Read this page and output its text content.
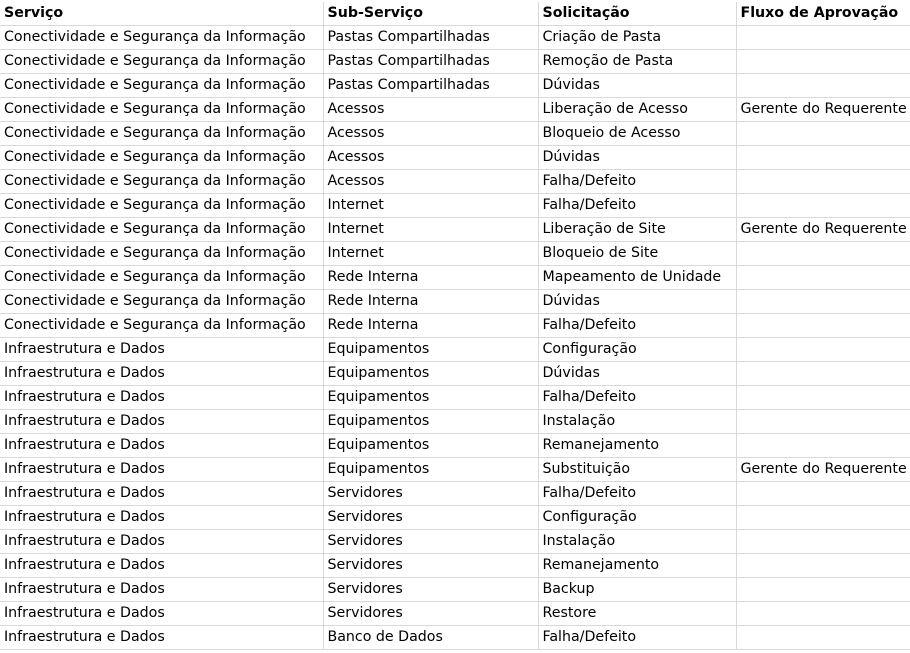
Serviço	Sub-Serviço	Solicitação	Fluxo de Aprovação
Conectividade e Segurança da Informação	Pastas Compartilhadas	Criação de Pasta	
Conectividade e Segurança da Informação	Pastas Compartilhadas	Remoção de Pasta	
Conectividade e Segurança da Informação	Pastas Compartilhadas	Dúvidas	
Conectividade e Segurança da Informação	Acessos	Liberação de Acesso	Gerente do Requerente
Conectividade e Segurança da Informação	Acessos	Bloqueio de Acesso	
Conectividade e Segurança da Informação	Acessos	Dúvidas	
Conectividade e Segurança da Informação	Acessos	Falha/Defeito	
Conectividade e Segurança da Informação	Internet	Falha/Defeito	
Conectividade e Segurança da Informação	Internet	Liberação de Site	Gerente do Requerente
Conectividade e Segurança da Informação	Internet	Bloqueio de Site	
Conectividade e Segurança da Informação	Rede Interna	Mapeamento de Unidade	
Conectividade e Segurança da Informação	Rede Interna	Dúvidas	
Conectividade e Segurança da Informação	Rede Interna	Falha/Defeito	
Infraestrutura e Dados	Equipamentos	Configuração	
Infraestrutura e Dados	Equipamentos	Dúvidas	
Infraestrutura e Dados	Equipamentos	Falha/Defeito	
Infraestrutura e Dados	Equipamentos	Instalação	
Infraestrutura e Dados	Equipamentos	Remanejamento	
Infraestrutura e Dados	Equipamentos	Substituição	Gerente do Requerente
Infraestrutura e Dados	Servidores	Falha/Defeito	
Infraestrutura e Dados	Servidores	Configuração	
Infraestrutura e Dados	Servidores	Instalação	
Infraestrutura e Dados	Servidores	Remanejamento	
Infraestrutura e Dados	Servidores	Backup	
Infraestrutura e Dados	Servidores	Restore	
Infraestrutura e Dados	Banco de Dados	Falha/Defeito	
